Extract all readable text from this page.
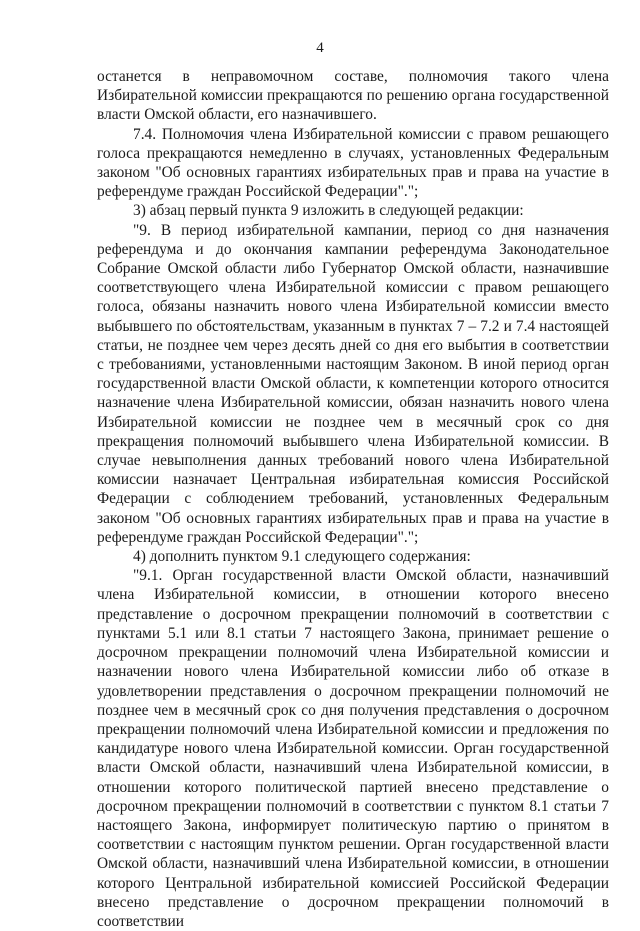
4

останется в неправомочном составе, полномочия такого члена Избирательной комиссии прекращаются по решению органа государственной власти Омской области, его назначившего.

7.4. Полномочия члена Избирательной комиссии с правом решающего голоса прекращаются немедленно в случаях, установленных Федеральным законом "Об основных гарантиях избирательных прав и права на участие в референдуме граждан Российской Федерации".";

3) абзац первый пункта 9 изложить в следующей редакции:

"9. В период избирательной кампании, период со дня назначения референдума и до окончания кампании референдума Законодательное Собрание Омской области либо Губернатор Омской области, назначившие соответствующего члена Избирательной комиссии с правом решающего голоса, обязаны назначить нового члена Избирательной комиссии вместо выбывшего по обстоятельствам, указанным в пунктах 7 – 7.2 и 7.4 настоящей статьи, не позднее чем через десять дней со дня его выбытия в соответствии с требованиями, установленными настоящим Законом. В иной период орган государственной власти Омской области, к компетенции которого относится назначение члена Избирательной комиссии, обязан назначить нового члена Избирательной комиссии не позднее чем в месячный срок со дня прекращения полномочий выбывшего члена Избирательной комиссии. В случае невыполнения данных требований нового члена Избирательной комиссии назначает Центральная избирательная комиссия Российской Федерации с соблюдением требований, установленных Федеральным законом "Об основных гарантиях избирательных прав и права на участие в референдуме граждан Российской Федерации".";

4) дополнить пунктом 9.1 следующего содержания:

"9.1. Орган государственной власти Омской области, назначивший члена Избирательной комиссии, в отношении которого внесено представление о досрочном прекращении полномочий в соответствии с пунктами 5.1 или 8.1 статьи 7 настоящего Закона, принимает решение о досрочном прекращении полномочий члена Избирательной комиссии и назначении нового члена Избирательной комиссии либо об отказе в удовлетворении представления о досрочном прекращении полномочий не позднее чем в месячный срок со дня получения представления о досрочном прекращении полномочий члена Избирательной комиссии и предложения по кандидатуре нового члена Избирательной комиссии. Орган государственной власти Омской области, назначивший члена Избирательной комиссии, в отношении которого политической партией внесено представление о досрочном прекращении полномочий в соответствии с пунктом 8.1 статьи 7 настоящего Закона, информирует политическую партию о принятом в соответствии с настоящим пунктом решении. Орган государственной власти Омской области, назначивший члена Избирательной комиссии, в отношении которого Центральной избирательной комиссией Российской Федерации внесено представление о досрочном прекращении полномочий в соответствии
